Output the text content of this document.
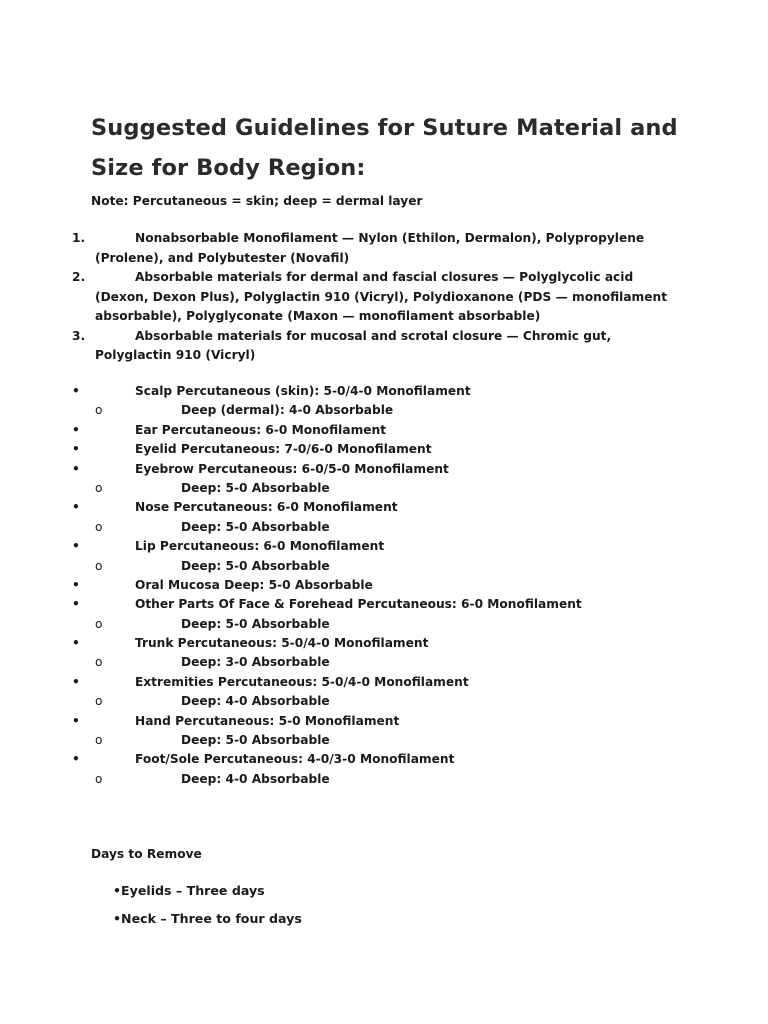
Suggested Guidelines for Suture Material and
Size for Body Region:
Note: Percutaneous = skin; deep = dermal layer
1.	Nonabsorbable Monofilament — Nylon (Ethilon, Dermalon), Polypropylene (Prolene), and Polybutester (Novafil)
2.	Absorbable materials for dermal and fascial closures — Polyglycolic acid (Dexon, Dexon Plus), Polyglactin 910 (Vicryl), Polydioxanone (PDS — monofilament absorbable), Polyglyconate (Maxon — monofilament absorbable)
3.	Absorbable materials for mucosal and scrotal closure — Chromic gut, Polyglactin 910 (Vicryl)
•	Scalp Percutaneous (skin): 5-0/4-0 Monofilament
o	Deep (dermal): 4-0 Absorbable
•	Ear Percutaneous: 6-0 Monofilament
•	Eyelid Percutaneous: 7-0/6-0 Monofilament
•	Eyebrow Percutaneous: 6-0/5-0 Monofilament
o	Deep: 5-0 Absorbable
•	Nose Percutaneous: 6-0 Monofilament
o	Deep: 5-0 Absorbable
•	Lip Percutaneous: 6-0 Monofilament
o	Deep: 5-0 Absorbable
•	Oral Mucosa Deep: 5-0 Absorbable
•	Other Parts Of Face & Forehead Percutaneous: 6-0 Monofilament
o	Deep: 5-0 Absorbable
•	Trunk Percutaneous: 5-0/4-0 Monofilament
o	Deep: 3-0 Absorbable
•	Extremities Percutaneous: 5-0/4-0 Monofilament
o	Deep: 4-0 Absorbable
•	Hand Percutaneous: 5-0 Monofilament
o	Deep: 5-0 Absorbable
•	Foot/Sole Percutaneous: 4-0/3-0 Monofilament
o	Deep: 4-0 Absorbable
Days to Remove
•Eyelids – Three days
•Neck – Three to four days
